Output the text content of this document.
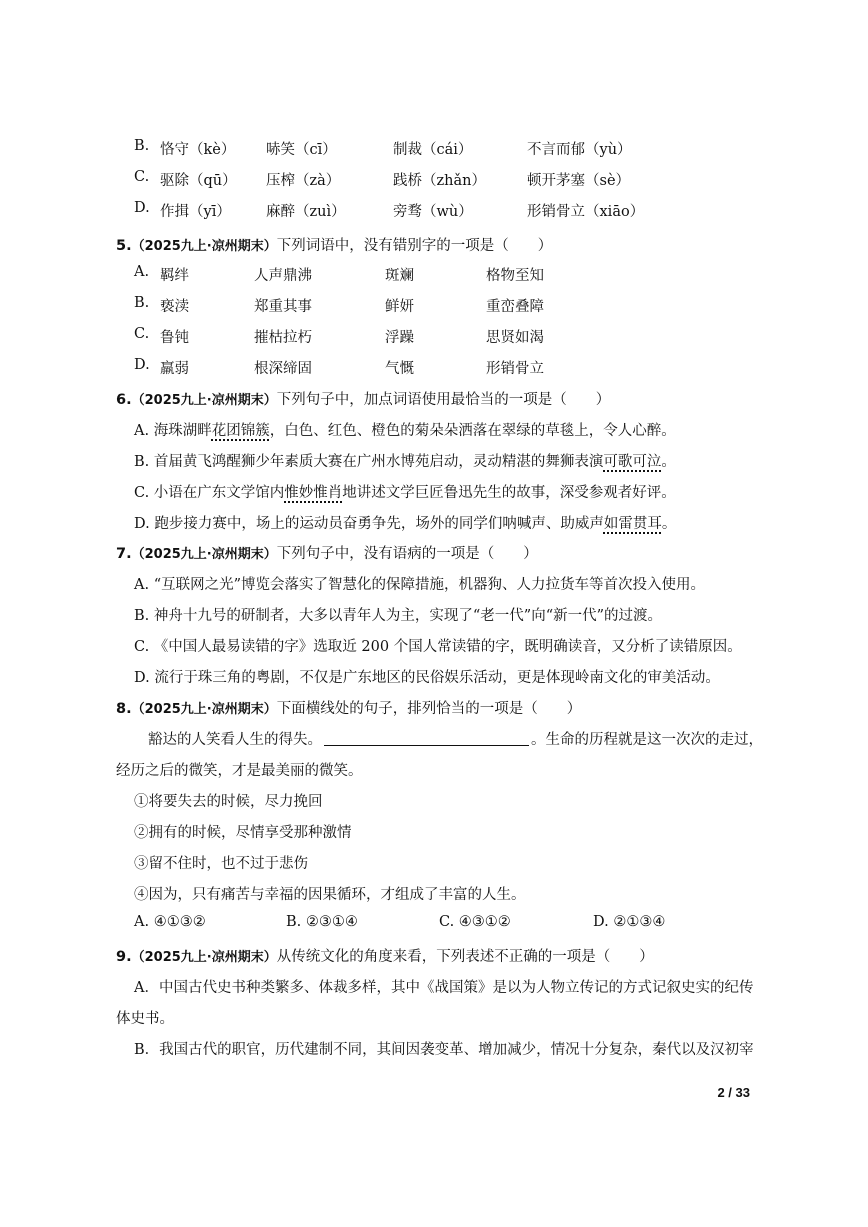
B. 恪守（kè） 哧笑（cī）	制裁（cái）	不言而郁（yù）
C. 驱除（qū） 压榨（zà）	践桥（zhǎn）	顿开茅塞（sè）
D. 作揖（yī） 麻醉（zuì）	旁骛（wù）	形销骨立（xiāo）
5.（2025九上·凉州期末）下列词语中，没有错别字的一项是（　　）
A. 羁绊	人声鼎沸	斑斓	格物至知
B. 亵渎	郑重其事	鲜妍	重峦叠障
C. 鲁钝	摧枯拉朽	浮躁	思贤如渴
D. 羸弱	根深缔固	气慨	形销骨立
6.（2025九上·凉州期末）下列句子中，加点词语使用最恰当的一项是（　　）
A. 海珠湖畔花团锦簇，白色、红色、橙色的菊朵朵洒落在翠绿的草毯上，令人心醉。
B. 首届黄飞鸿醒狮少年素质大赛在广州水博苑启动，灵动精湛的舞狮表演可歌可泣。
C. 小语在广东文学馆内惟妙惟肖地讲述文学巨匠鲁迅先生的故事，深受参观者好评。
D. 跑步接力赛中，场上的运动员奋勇争先，场外的同学们呐喊声、助威声如雷贯耳。
7.（2025九上·凉州期末）下列句子中，没有语病的一项是（　　）
A. “互联网之光”博览会落实了智慧化的保障措施，机器狗、人力拉货车等首次投入使用。
B. 神舟十九号的研制者，大多以青年人为主，实现了“老一代”向“新一代”的过渡。
C. 《中国人最易读错的字》选取近 200 个国人常读错的字，既明确读音，又分析了读错原因。
D. 流行于珠三角的粤剧，不仅是广东地区的民俗娱乐活动，更是体现岭南文化的审美活动。
8.（2025九上·凉州期末）下面横线处的句子，排列恰当的一项是（　　）
豁达的人笑看人生的得失。	。生命的历程就是这一次次的走过，
经历之后的微笑，才是最美丽的微笑。
①将要失去的时候，尽力挽回
②拥有的时候，尽情享受那种激情
③留不住时，也不过于悲伤
④因为，只有痛苦与幸福的因果循环，才组成了丰富的人生。
A. ④①③②	B. ②③①④	C. ④③①②	D. ②①③④
9.（2025九上·凉州期末）从传统文化的角度来看，下列表述不正确的一项是（　　）
A．中国古代史书种类繁多、体裁多样，其中《战国策》是以为人物立传记的方式记叙史实的纪传
体史书。
B．我国古代的职官，历代建制不同，其间因袭变革、增加减少，情况十分复杂，秦代以及汉初宰
2 / 33
